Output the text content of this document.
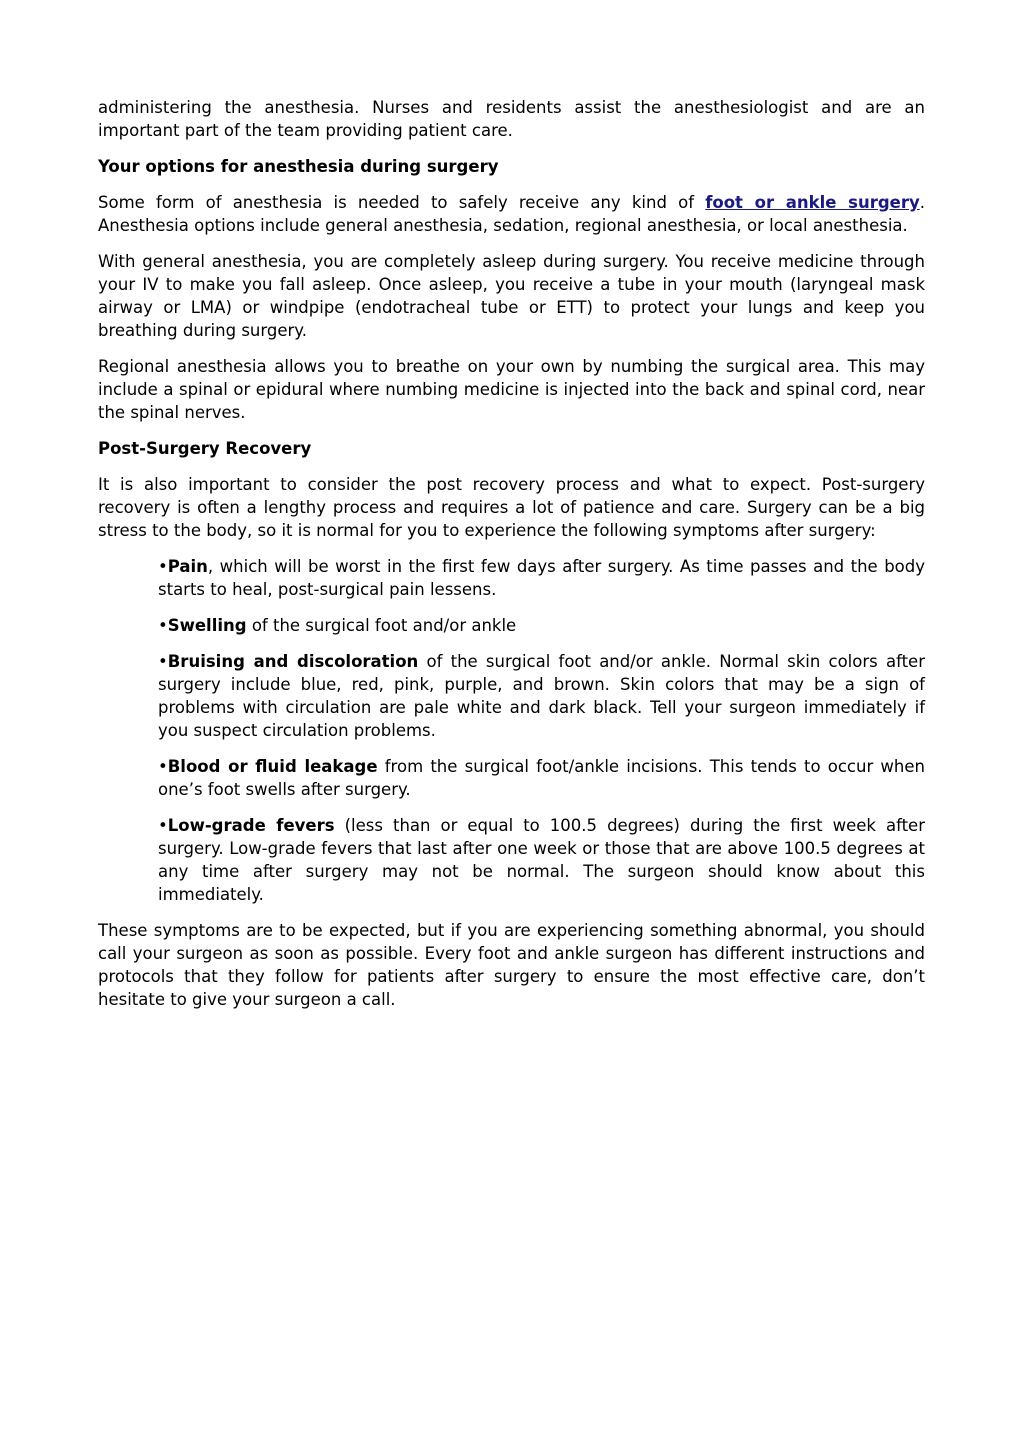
administering the anesthesia. Nurses and residents assist the anesthesiologist and are an important part of the team providing patient care.

Your options for anesthesia during surgery

Some form of anesthesia is needed to safely receive any kind of foot or ankle surgery. Anesthesia options include general anesthesia, sedation, regional anesthesia, or local anesthesia.

With general anesthesia, you are completely asleep during surgery. You receive medicine through your IV to make you fall asleep. Once asleep, you receive a tube in your mouth (laryngeal mask airway or LMA) or windpipe (endotracheal tube or ETT) to protect your lungs and keep you breathing during surgery.

Regional anesthesia allows you to breathe on your own by numbing the surgical area. This may include a spinal or epidural where numbing medicine is injected into the back and spinal cord, near the spinal nerves.

Post-Surgery Recovery

It is also important to consider the post recovery process and what to expect. Post-surgery recovery is often a lengthy process and requires a lot of patience and care. Surgery can be a big stress to the body, so it is normal for you to experience the following symptoms after surgery:

•Pain, which will be worst in the first few days after surgery. As time passes and the body starts to heal, post-surgical pain lessens.
•Swelling of the surgical foot and/or ankle
•Bruising and discoloration of the surgical foot and/or ankle. Normal skin colors after surgery include blue, red, pink, purple, and brown. Skin colors that may be a sign of problems with circulation are pale white and dark black. Tell your surgeon immediately if you suspect circulation problems.
•Blood or fluid leakage from the surgical foot/ankle incisions. This tends to occur when one’s foot swells after surgery.
•Low-grade fevers (less than or equal to 100.5 degrees) during the first week after surgery. Low-grade fevers that last after one week or those that are above 100.5 degrees at any time after surgery may not be normal. The surgeon should know about this immediately.

These symptoms are to be expected, but if you are experiencing something abnormal, you should call your surgeon as soon as possible. Every foot and ankle surgeon has different instructions and protocols that they follow for patients after surgery to ensure the most effective care, don’t hesitate to give your surgeon a call.
